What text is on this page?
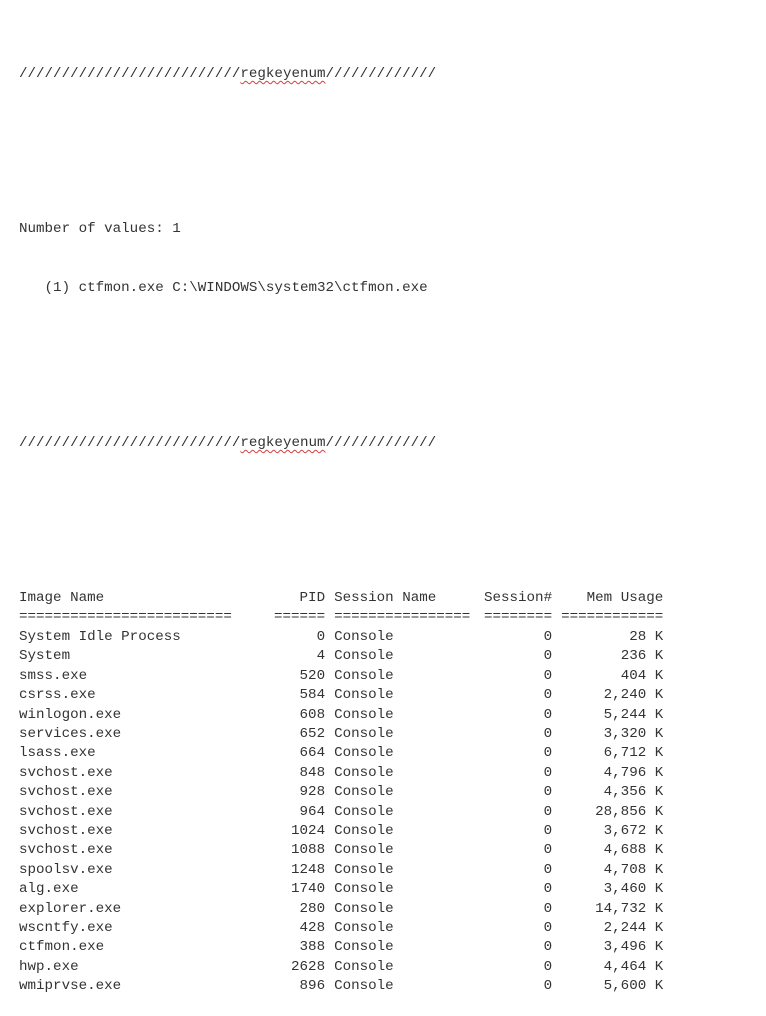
//////////////////////////regkeyenum/////////////

Number of values: 1

(1) ctfmon.exe C:\WINDOWS\system32\ctfmon.exe

//////////////////////////regkeyenum/////////////

Image Name	PID		Session Name	Session#		Mem Usage
=========================	======		================	========		============
System Idle Process	0		Console	0		28 K
System	4		Console	0		236 K
smss.exe	520		Console	0		404 K
csrss.exe	584		Console	0		2,240 K
winlogon.exe	608		Console	0		5,244 K
services.exe	652		Console	0		3,320 K
lsass.exe	664		Console	0		6,712 K
svchost.exe	848		Console	0		4,796 K
svchost.exe	928		Console	0		4,356 K
svchost.exe	964		Console	0		28,856 K
svchost.exe	1024		Console	0		3,672 K
svchost.exe	1088		Console	0		4,688 K
spoolsv.exe	1248		Console	0		4,708 K
alg.exe	1740		Console	0		3,460 K
explorer.exe	280		Console	0		14,732 K
wscntfy.exe	428		Console	0		2,244 K
ctfmon.exe	388		Console	0		3,496 K
hwp.exe	2628		Console	0		4,464 K
wmiprvse.exe	896		Console	0		5,600 K
